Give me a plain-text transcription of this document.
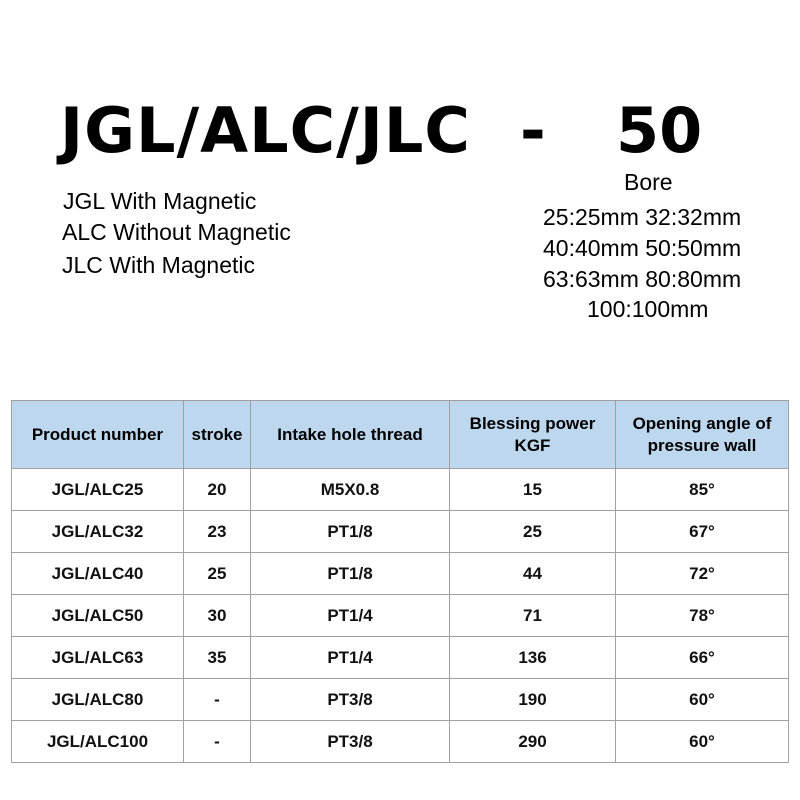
JGL/ALC/JLC - 50
JGL With Magnetic
ALC Without Magnetic
JLC With Magnetic
Bore
25:25mm 32:32mm
40:40mm 50:50mm
63:63mm 80:80mm
100:100mm
Product number	stroke	Intake hole thread	Blessing power KGF	Opening angle of pressure wall
JGL/ALC25	20	M5X0.8	15	85°
JGL/ALC32	23	PT1/8	25	67°
JGL/ALC40	25	PT1/8	44	72°
JGL/ALC50	30	PT1/4	71	78°
JGL/ALC63	35	PT1/4	136	66°
JGL/ALC80	-	PT3/8	190	60°
JGL/ALC100	-	PT3/8	290	60°
